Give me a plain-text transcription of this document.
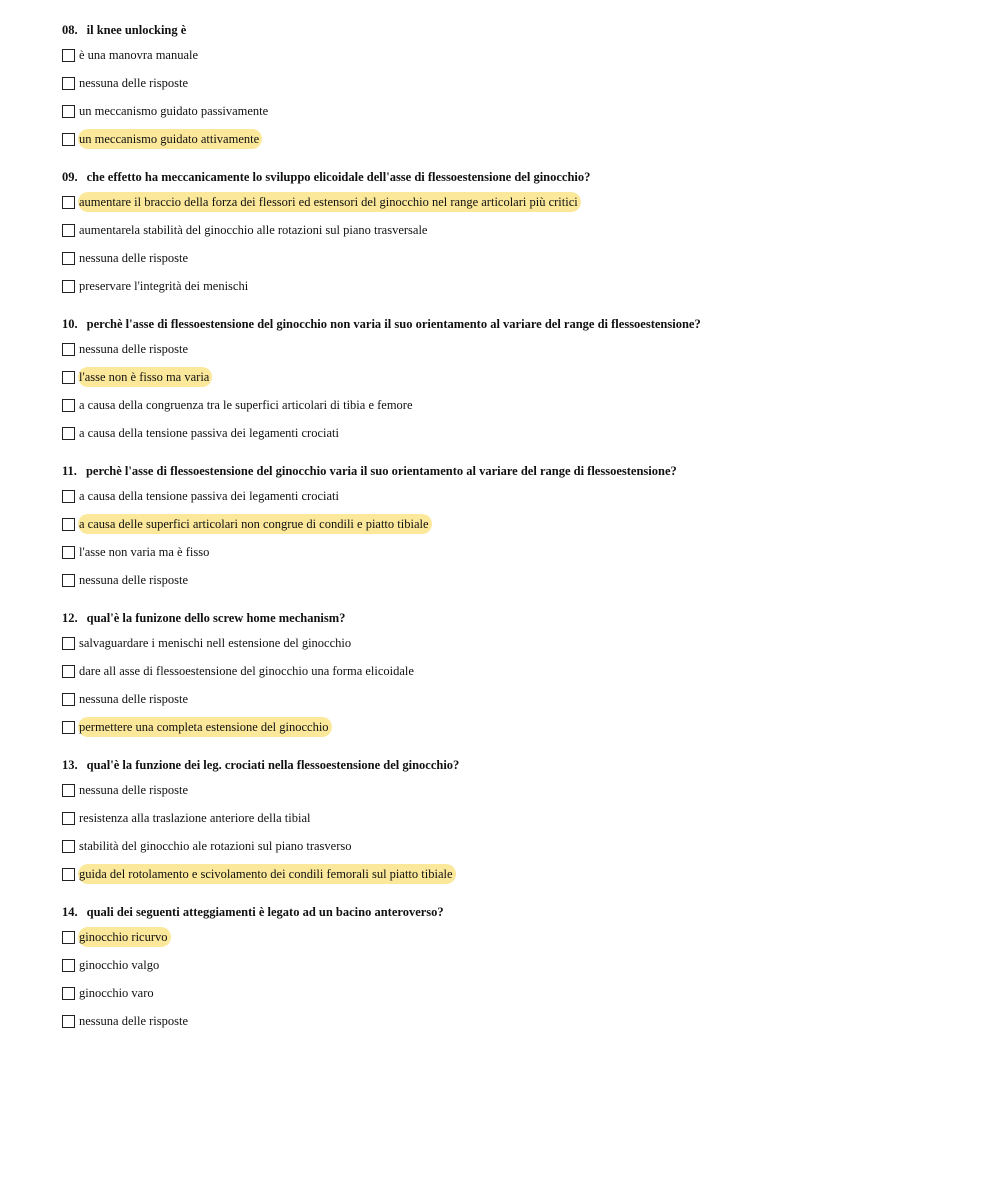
08. il knee unlocking è
è una manovra manuale
nessuna delle risposte
un meccanismo guidato passivamente
un meccanismo guidato attivamente
09. che effetto ha meccanicamente lo sviluppo elicoidale dell'asse di flessoestensione del ginocchio?
aumentare il braccio della forza dei flessori ed estensori del ginocchio nel range articolari più critici
aumentarela stabilità del ginocchio alle rotazioni sul piano trasversale
nessuna delle risposte
preservare l'integrità dei menischi
10. perchè l'asse di flessoestensione del ginocchio non varia il suo orientamento al variare del range di flessoestensione?
nessuna delle risposte
l'asse non è fisso ma varia
a causa della congruenza tra le superfici articolari di tibia e femore
a causa della tensione passiva dei legamenti crociati
11. perchè l'asse di flessoestensione del ginocchio varia il suo orientamento al variare del range di flessoestensione?
a causa della tensione passiva dei legamenti crociati
a causa delle superfici articolari non congrue di condili e piatto tibiale
l'asse non varia ma è fisso
nessuna delle risposte
12. qual'è la funizone dello screw home mechanism?
salvaguardare i menischi nell estensione del ginocchio
dare all asse di flessoestensione del ginocchio una forma elicoidale
nessuna delle risposte
permettere una completa estensione del ginocchio
13. qual'è la funzione dei leg. crociati nella flessoestensione del ginocchio?
nessuna delle risposte
resistenza alla traslazione anteriore della tibial
stabilità del ginocchio ale rotazioni sul piano trasverso
guida del rotolamento e scivolamento dei condili femorali sul piatto tibiale
14. quali dei seguenti atteggiamenti è legato ad un bacino anteroverso?
ginocchio ricurvo
ginocchio valgo
ginocchio varo
nessuna delle risposte
